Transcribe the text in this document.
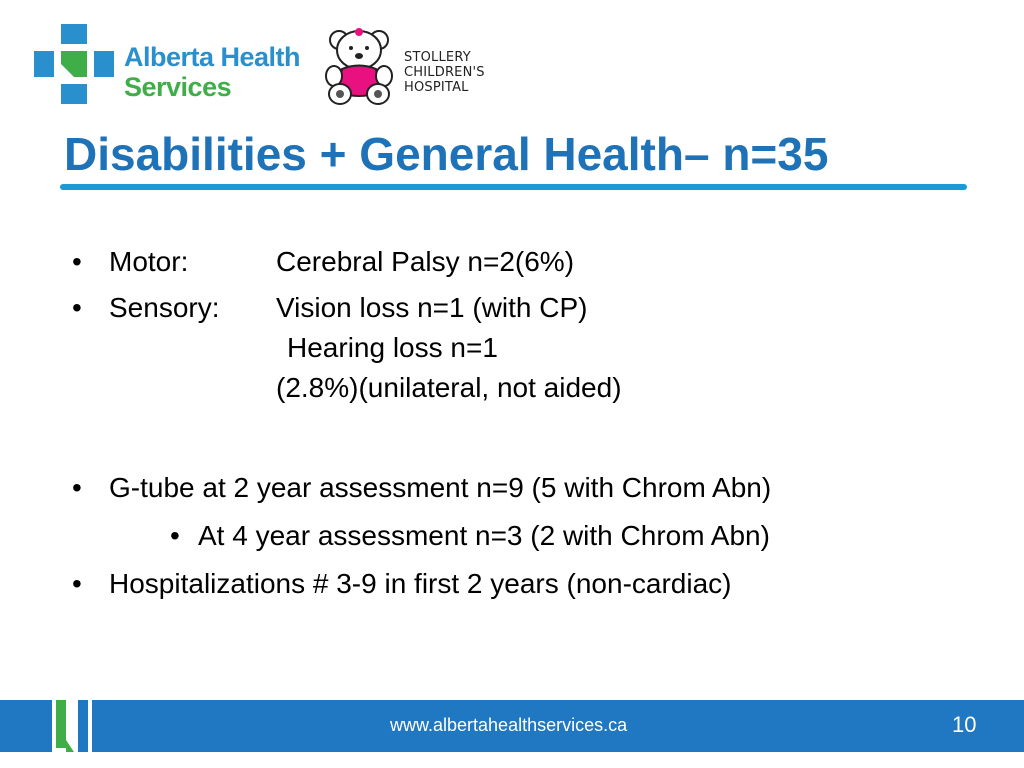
Alberta Health
Services
STOLLERY
CHILDREN'S
HOSPITAL
Disabilities + General Health– n=35
• Motor:	Cerebral Palsy n=2(6%)
• Sensory:	Vision loss n=1 (with CP)
Hearing loss n=1
(2.8%)(unilateral, not aided)
• G-tube at 2 year assessment n=9 (5 with Chrom Abn)
• At 4 year assessment n=3 (2 with Chrom Abn)
• Hospitalizations # 3-9 in first 2 years (non-cardiac)
www.albertahealthservices.ca	10
